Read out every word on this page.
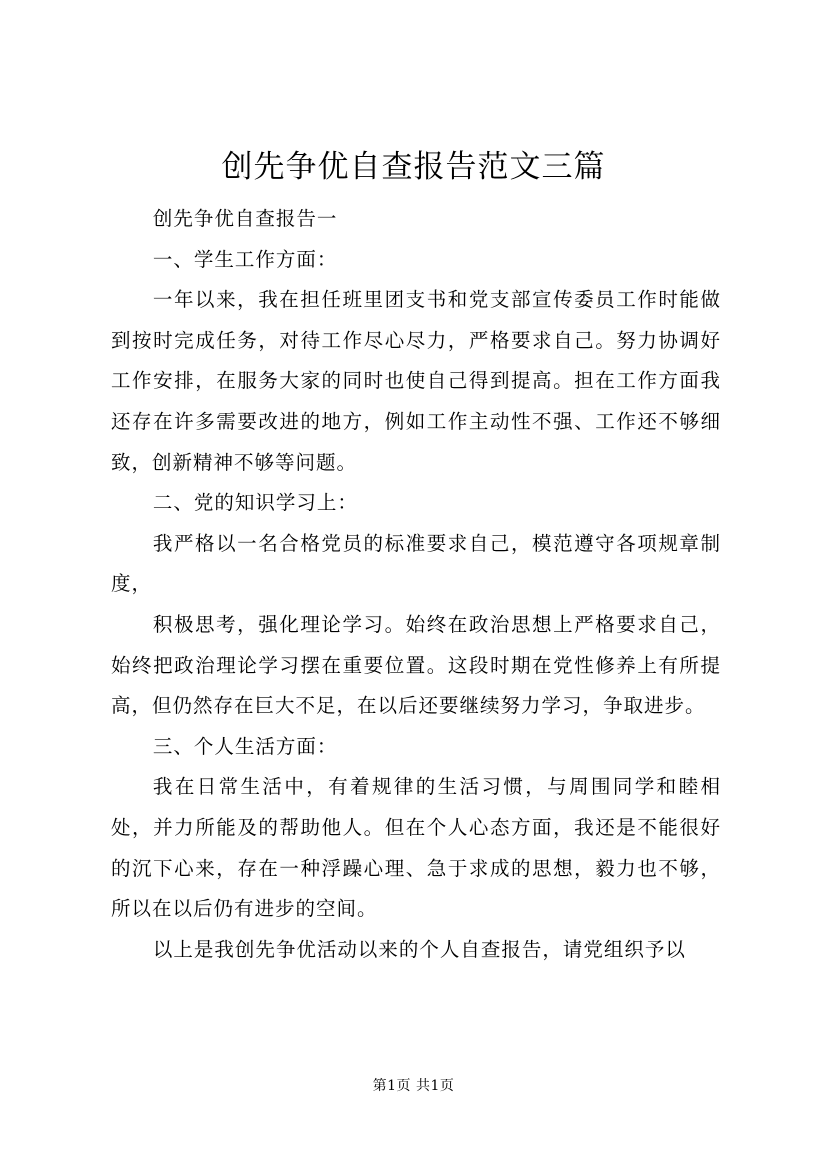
创先争优自查报告范文三篇

创先争优自查报告一

一、学生工作方面：

一年以来，我在担任班里团支书和党支部宣传委员工作时能做到按时完成任务，对待工作尽心尽力，严格要求自己。努力协调好工作安排，在服务大家的同时也使自己得到提高。担在工作方面我还存在许多需要改进的地方，例如工作主动性不强、工作还不够细致，创新精神不够等问题。

二、党的知识学习上：

我严格以一名合格党员的标准要求自己，模范遵守各项规章制度，

积极思考，强化理论学习。始终在政治思想上严格要求自己，始终把政治理论学习摆在重要位置。这段时期在党性修养上有所提高，但仍然存在巨大不足，在以后还要继续努力学习，争取进步。

三、个人生活方面：

我在日常生活中，有着规律的生活习惯，与周围同学和睦相处，并力所能及的帮助他人。但在个人心态方面，我还是不能很好的沉下心来，存在一种浮躁心理、急于求成的思想，毅力也不够，所以在以后仍有进步的空间。

以上是我创先争优活动以来的个人自查报告，请党组织予以

第1页 共1页
